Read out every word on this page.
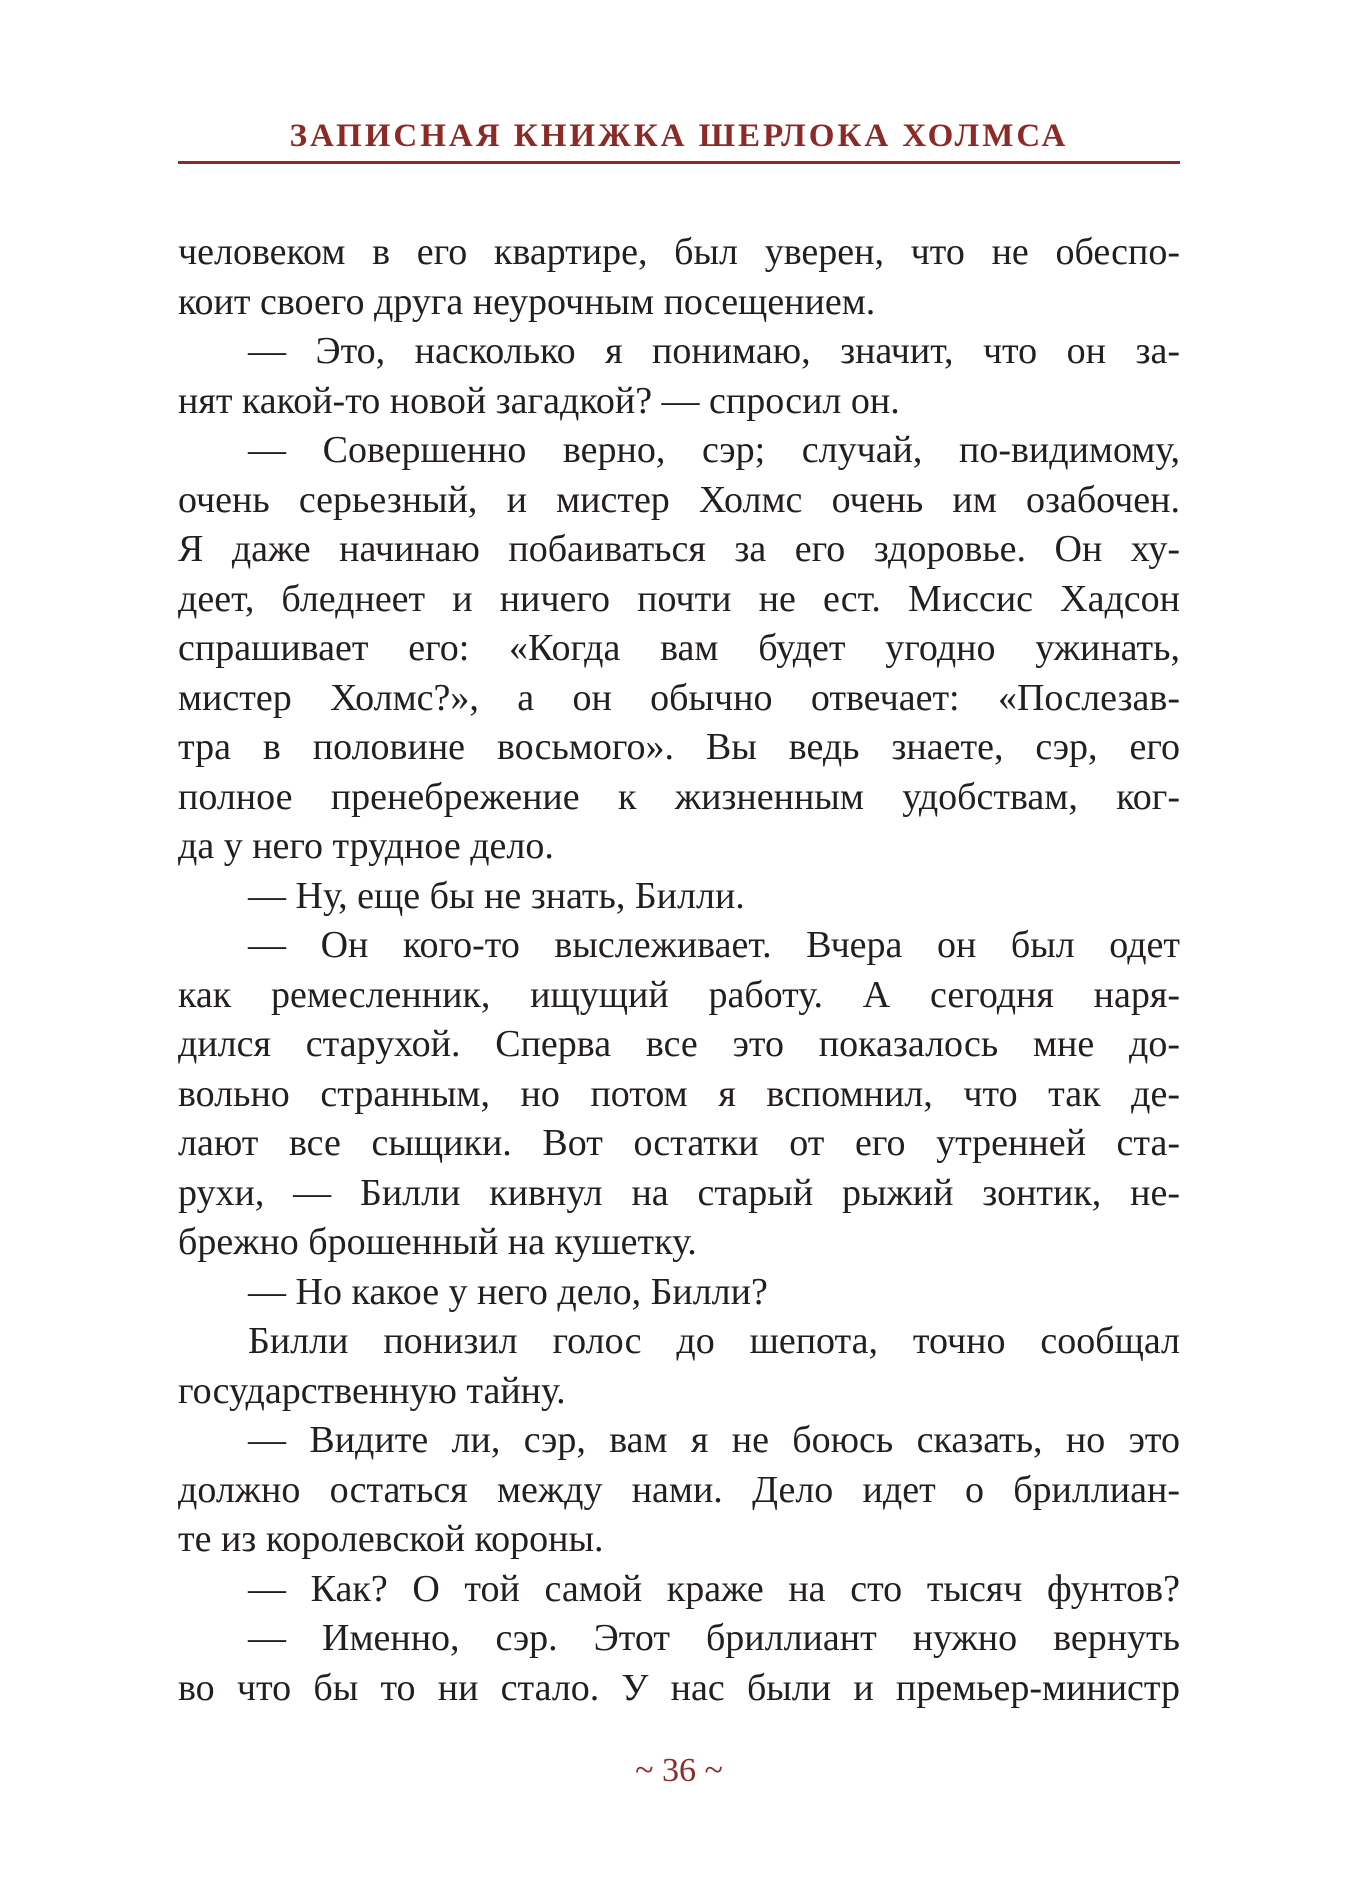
ЗАПИСНАЯ КНИЖКА ШЕРЛОКА ХОЛМСА
человеком в его квартире, был уверен, что не обеспо-
коит своего друга неурочным посещением.
— Это, насколько я понимаю, значит, что он за-
нят какой-то новой загадкой? — спросил он.
— Совершенно верно, сэр; случай, по-видимому,
очень серьезный, и мистер Холмс очень им озабочен.
Я даже начинаю побаиваться за его здоровье. Он ху-
деет, бледнеет и ничего почти не ест. Миссис Хадсон
спрашивает его: «Когда вам будет угодно ужинать,
мистер Холмс?», а он обычно отвечает: «Послезав-
тра в половине восьмого». Вы ведь знаете, сэр, его
полное пренебрежение к жизненным удобствам, ког-
да у него трудное дело.
— Ну, еще бы не знать, Билли.
— Он кого-то выслеживает. Вчера он был одет
как ремесленник, ищущий работу. А сегодня наря-
дился старухой. Сперва все это показалось мне до-
вольно странным, но потом я вспомнил, что так де-
лают все сыщики. Вот остатки от его утренней ста-
рухи, — Билли кивнул на старый рыжий зонтик, не-
брежно брошенный на кушетку.
— Но какое у него дело, Билли?
Билли понизил голос до шепота, точно сообщал
государственную тайну.
— Видите ли, сэр, вам я не боюсь сказать, но это
должно остаться между нами. Дело идет о бриллиан-
те из королевской короны.
— Как? О той самой краже на сто тысяч фунтов?
— Именно, сэр. Этот бриллиант нужно вернуть
во что бы то ни стало. У нас были и премьер-министр
~ 36 ~
